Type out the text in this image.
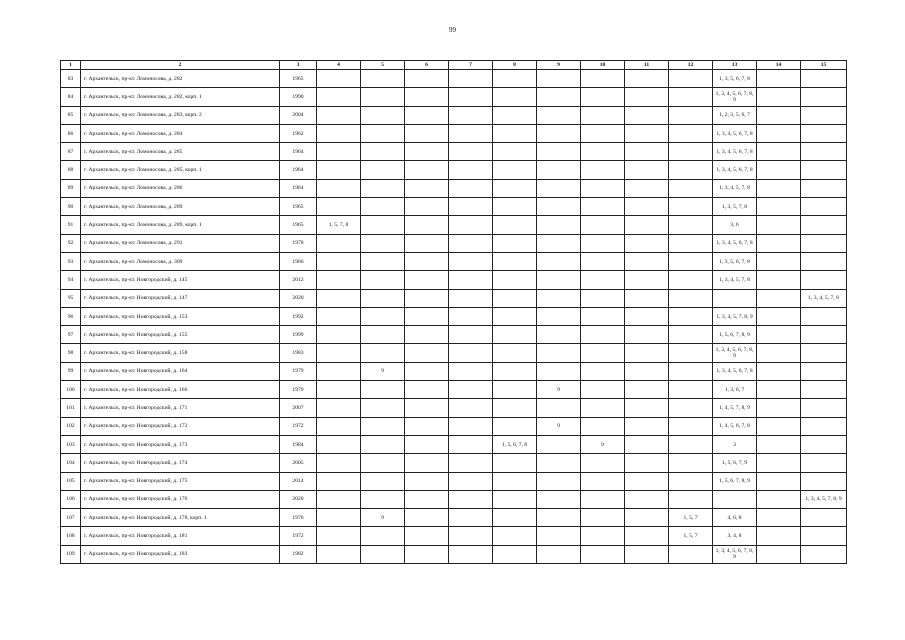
99
1	2	3	4	5	6	7	8	9	10	11	12	13	14	15
83	г. Архангельск, пр-кт. Ломоносова, д. 282	1965										1, 3, 5, 6, 7, 8		
84	г. Архангельск, пр-кт. Ломоносова, д. 282, корп. 1	1990										1, 3, 4, 5, 6, 7, 8, 9		
85	г. Архангельск, пр-кт. Ломоносова, д. 283, корп. 2	2004										1, 2, 3, 5, 6, 7		
86	г. Архангельск, пр-кт. Ломоносова, д. 284	1962										1, 3, 4, 5, 6, 7, 8		
87	г. Архангельск, пр-кт. Ломоносова, д. 285	1964										1, 3, 4, 5, 6, 7, 8		
88	г. Архангельск, пр-кт. Ломоносова, д. 285, корп. 1	1964										1, 3, 4, 5, 6, 7, 8		
89	г. Архангельск, пр-кт. Ломоносова, д. 286	1964										1, 3, 4, 5, 7, 8		
90	г. Архангельск, пр-кт. Ломоносова, д. 289	1965										1, 3, 5, 7, 8		
91	г. Архангельск, пр-кт. Ломоносова, д. 289, корп. 1	1965	1, 5, 7, 8									3, 6		
92	г. Архангельск, пр-кт. Ломоносова, д. 291	1978										1, 3, 4, 5, 6, 7, 8		
93	г. Архангельск, пр-кт. Ломоносова, д. 309	1966										1, 3, 5, 6, 7, 8		
94	г. Архангельск, пр-кт. Новгородский, д. 145	2012										1, 3, 4, 5, 7, 8		
95	г. Архангельск, пр-кт. Новгородский, д. 147	2020												1, 3, 4, 5, 7, 8
96	г. Архангельск, пр-кт. Новгородский, д. 153	1992										1, 3, 4, 5, 7, 8, 9		
97	г. Архангельск, пр-кт. Новгородский, д. 155	1999										1, 5, 6, 7, 8, 9		
98	г. Архангельск, пр-кт. Новгородский, д. 158	1983										1, 3, 4, 5, 6, 7, 8, 9		
99	г. Архангельск, пр-кт. Новгородский, д. 164	1979		9								1, 3, 4, 5, 6, 7, 8		
100	г. Архангельск, пр-кт. Новгородский, д. 166	1979						9				1, 3, 6, 7		
101	г. Архангельск, пр-кт. Новгородский, д. 171	2007										1, 4, 5, 7, 8, 9		
102	г. Архангельск, пр-кт. Новгородский, д. 172	1972						9				1, 4, 5, 6, 7, 8		
103	г. Архангельск, пр-кт. Новгородский, д. 173	1984					1, 5, 6, 7, 8		9			3		
104	г. Архангельск, пр-кт. Новгородский, д. 174	2005										1, 5, 6, 7, 9		
105	г. Архангельск, пр-кт. Новгородский, д. 175	2014										1, 5, 6, 7, 8, 9		
106	г. Архангельск, пр-кт. Новгородский, д. 176	2020												1, 3, 4, 5, 7, 8, 9
107	г. Архангельск, пр-кт. Новгородский, д. 178, корп. 1	1976		9							1, 5, 7	4, 6, 8		
108	г. Архангельск, пр-кт. Новгородский, д. 181	1972									1, 5, 7	3, 4, 8		
109	г. Архангельск, пр-кт. Новгородский, д. 183	1982										1, 3, 4, 5, 6, 7, 8, 9		
